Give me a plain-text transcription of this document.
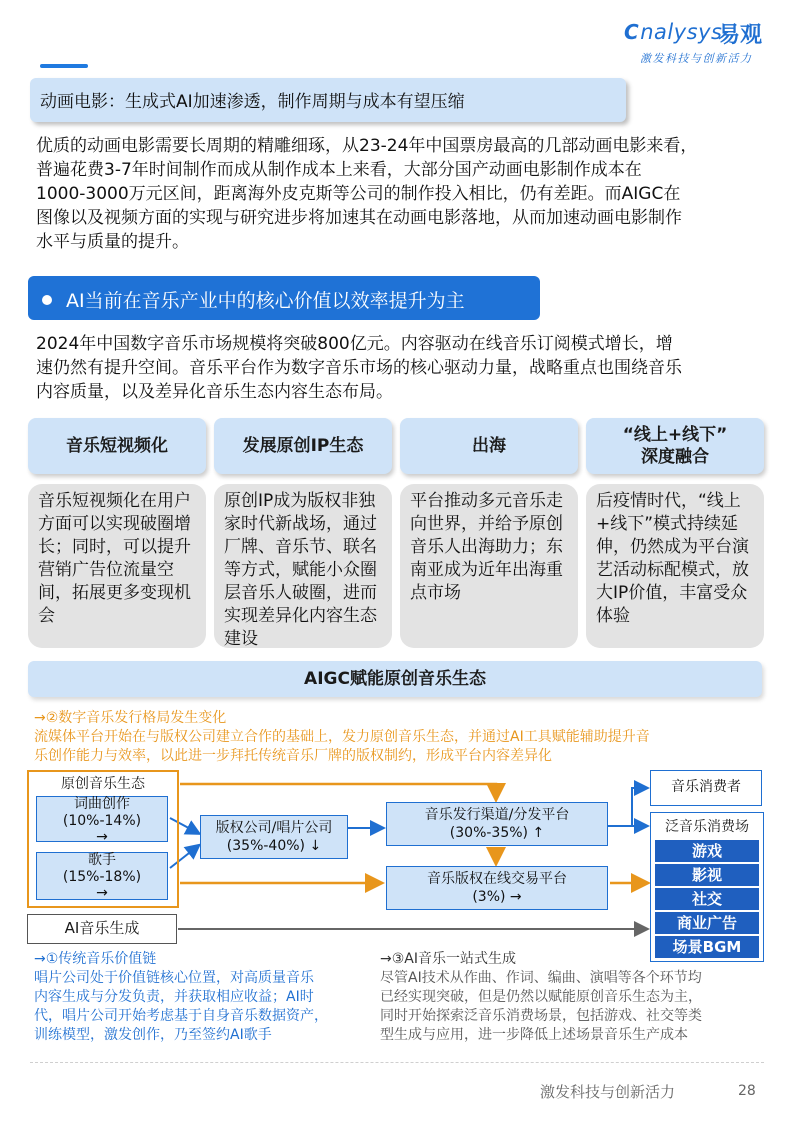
Cnalysys
易观
激发科技与创新活力
动画电影：生成式AI加速渗透，制作周期与成本有望压缩
优质的动画电影需要长周期的精雕细琢，从23-24年中国票房最高的几部动画电影来看，
普遍花费3-7年时间制作而成从制作成本上来看，大部分国产动画电影制作成本在
1000-3000万元区间，距离海外皮克斯等公司的制作投入相比，仍有差距。而AIGC在
图像以及视频方面的实现与研究进步将加速其在动画电影落地，从而加速动画电影制作
水平与质量的提升。
AI当前在音乐产业中的核心价值以效率提升为主
2024年中国数字音乐市场规模将突破800亿元。内容驱动在线音乐订阅模式增长，增
速仍然有提升空间。音乐平台作为数字音乐市场的核心驱动力量，战略重点也围绕音乐
内容质量，以及差异化音乐生态内容生态布局。
音乐短视频化	发展原创IP生态	出海
“线上+线下”
深度融合
音乐短视频化在用户方面可以实现破圈增长；同时，可以提升营销广告位流量空间，拓展更多变现机会
原创IP成为版权非独家时代新战场，通过厂牌、音乐节、联名等方式，赋能小众圈层音乐人破圈，进而实现差异化内容生态建设
平台推动多元音乐走向世界，并给予原创音乐人出海助力；东南亚成为近年出海重点市场
后疫情时代，“线上+线下”模式持续延伸，仍然成为平台演艺活动标配模式，放大IP价值，丰富受众体验
AIGC赋能原创音乐生态
→②数字音乐发行格局发生变化
流媒体平台开始在与版权公司建立合作的基础上，发力原创音乐生态，并通过AI工具赋能辅助提升音
乐创作能力与效率，以此进一步拜托传统音乐厂牌的版权制约，形成平台内容差异化
原创音乐生态
词曲创作
(10%-14%)
→
歌手
(15%-18%)
→
版权公司/唱片公司
(35%-40%) ↓
音乐发行渠道/分发平台
(30%-35%) ↑
音乐版权在线交易平台
(3%) →
音乐消费者
AI音乐生成
泛音乐消费场
游戏
影视
社交
商业广告
场景BGM
→①传统音乐价值链
唱片公司处于价值链核心位置，对高质量音乐
内容生成与分发负责，并获取相应收益；AI时
代，唱片公司开始考虑基于自身音乐数据资产，
训练模型，激发创作，乃至签约AI歌手
→③AI音乐一站式生成
尽管AI技术从作曲、作词、编曲、演唱等各个环节均
已经实现突破，但是仍然以赋能原创音乐生态为主，
同时开始探索泛音乐消费场景，包括游戏、社交等类
型生成与应用，进一步降低上述场景音乐生产成本
激发科技与创新活力	28
